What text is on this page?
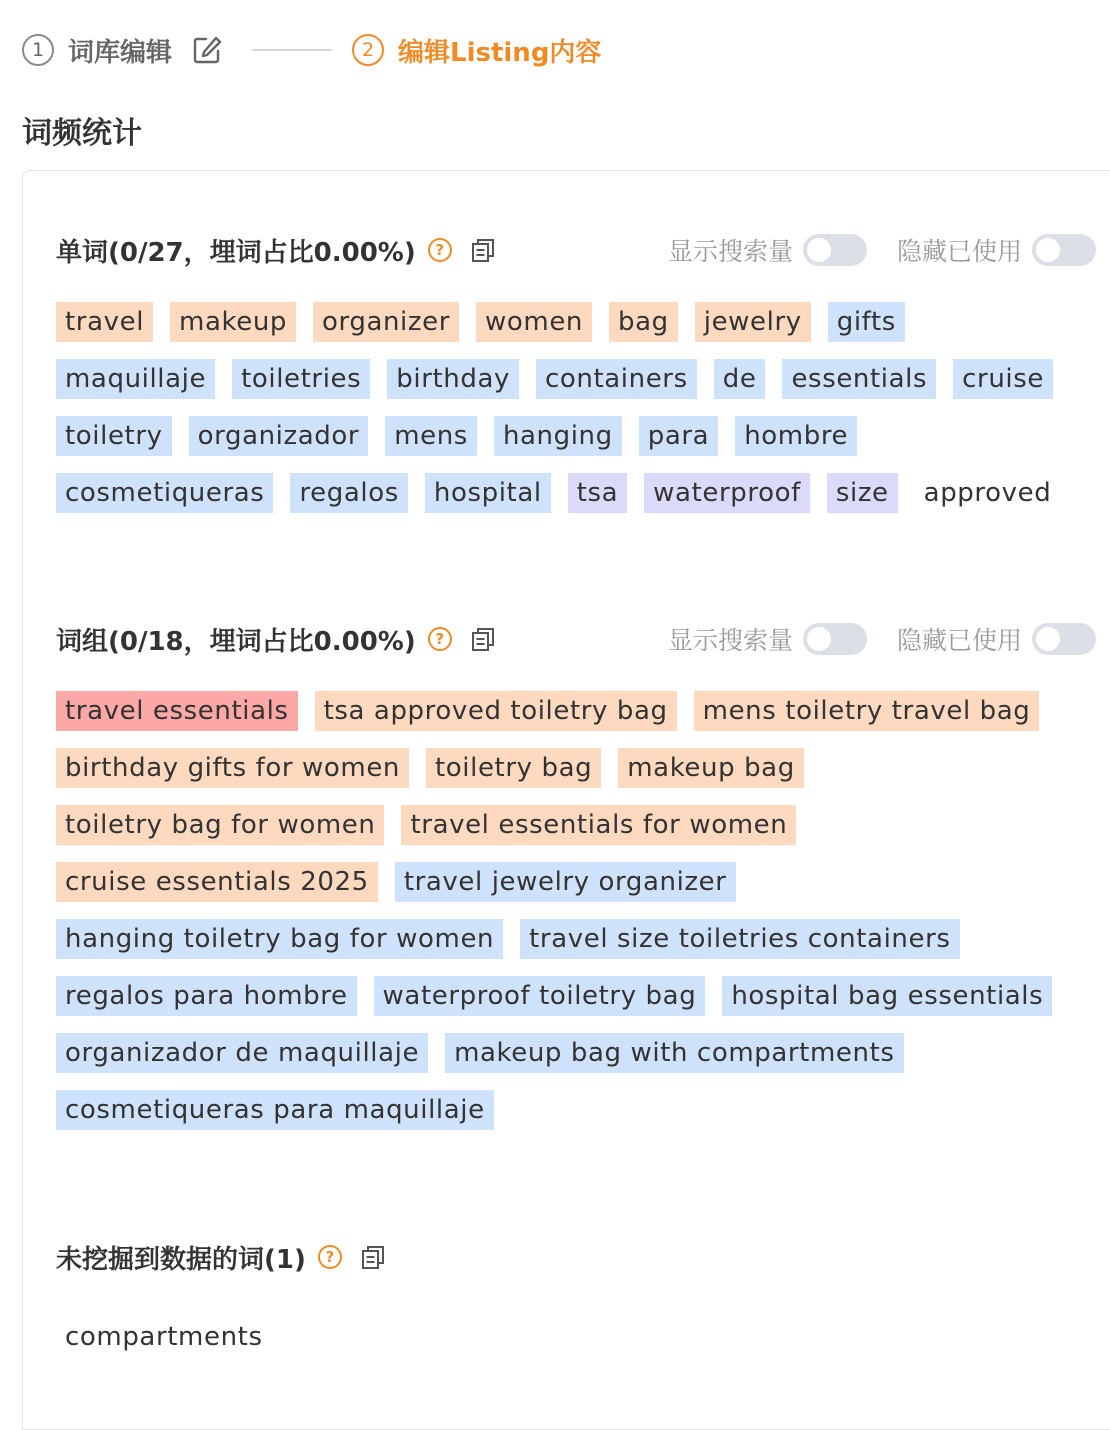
1 词库编辑	2 编辑Listing内容
词频统计
单词(0/27，埋词占比0.00%)	?	显示搜索量	隐藏已使用
travel	makeup	organizer	women	bag	jewelry	gifts
maquillaje	toiletries	birthday	containers	de	essentials	cruise
toiletry	organizador	mens	hanging	para	hombre
cosmetiqueras	regalos	hospital	tsa	waterproof	size	approved
词组(0/18，埋词占比0.00%)	?	显示搜索量	隐藏已使用
travel essentials	tsa approved toiletry bag	mens toiletry travel bag
birthday gifts for women	toiletry bag	makeup bag
toiletry bag for women	travel essentials for women
cruise essentials 2025	travel jewelry organizer
hanging toiletry bag for women	travel size toiletries containers
regalos para hombre	waterproof toiletry bag	hospital bag essentials
organizador de maquillaje	makeup bag with compartments
cosmetiqueras para maquillaje
未挖掘到数据的词(1)	?
compartments
